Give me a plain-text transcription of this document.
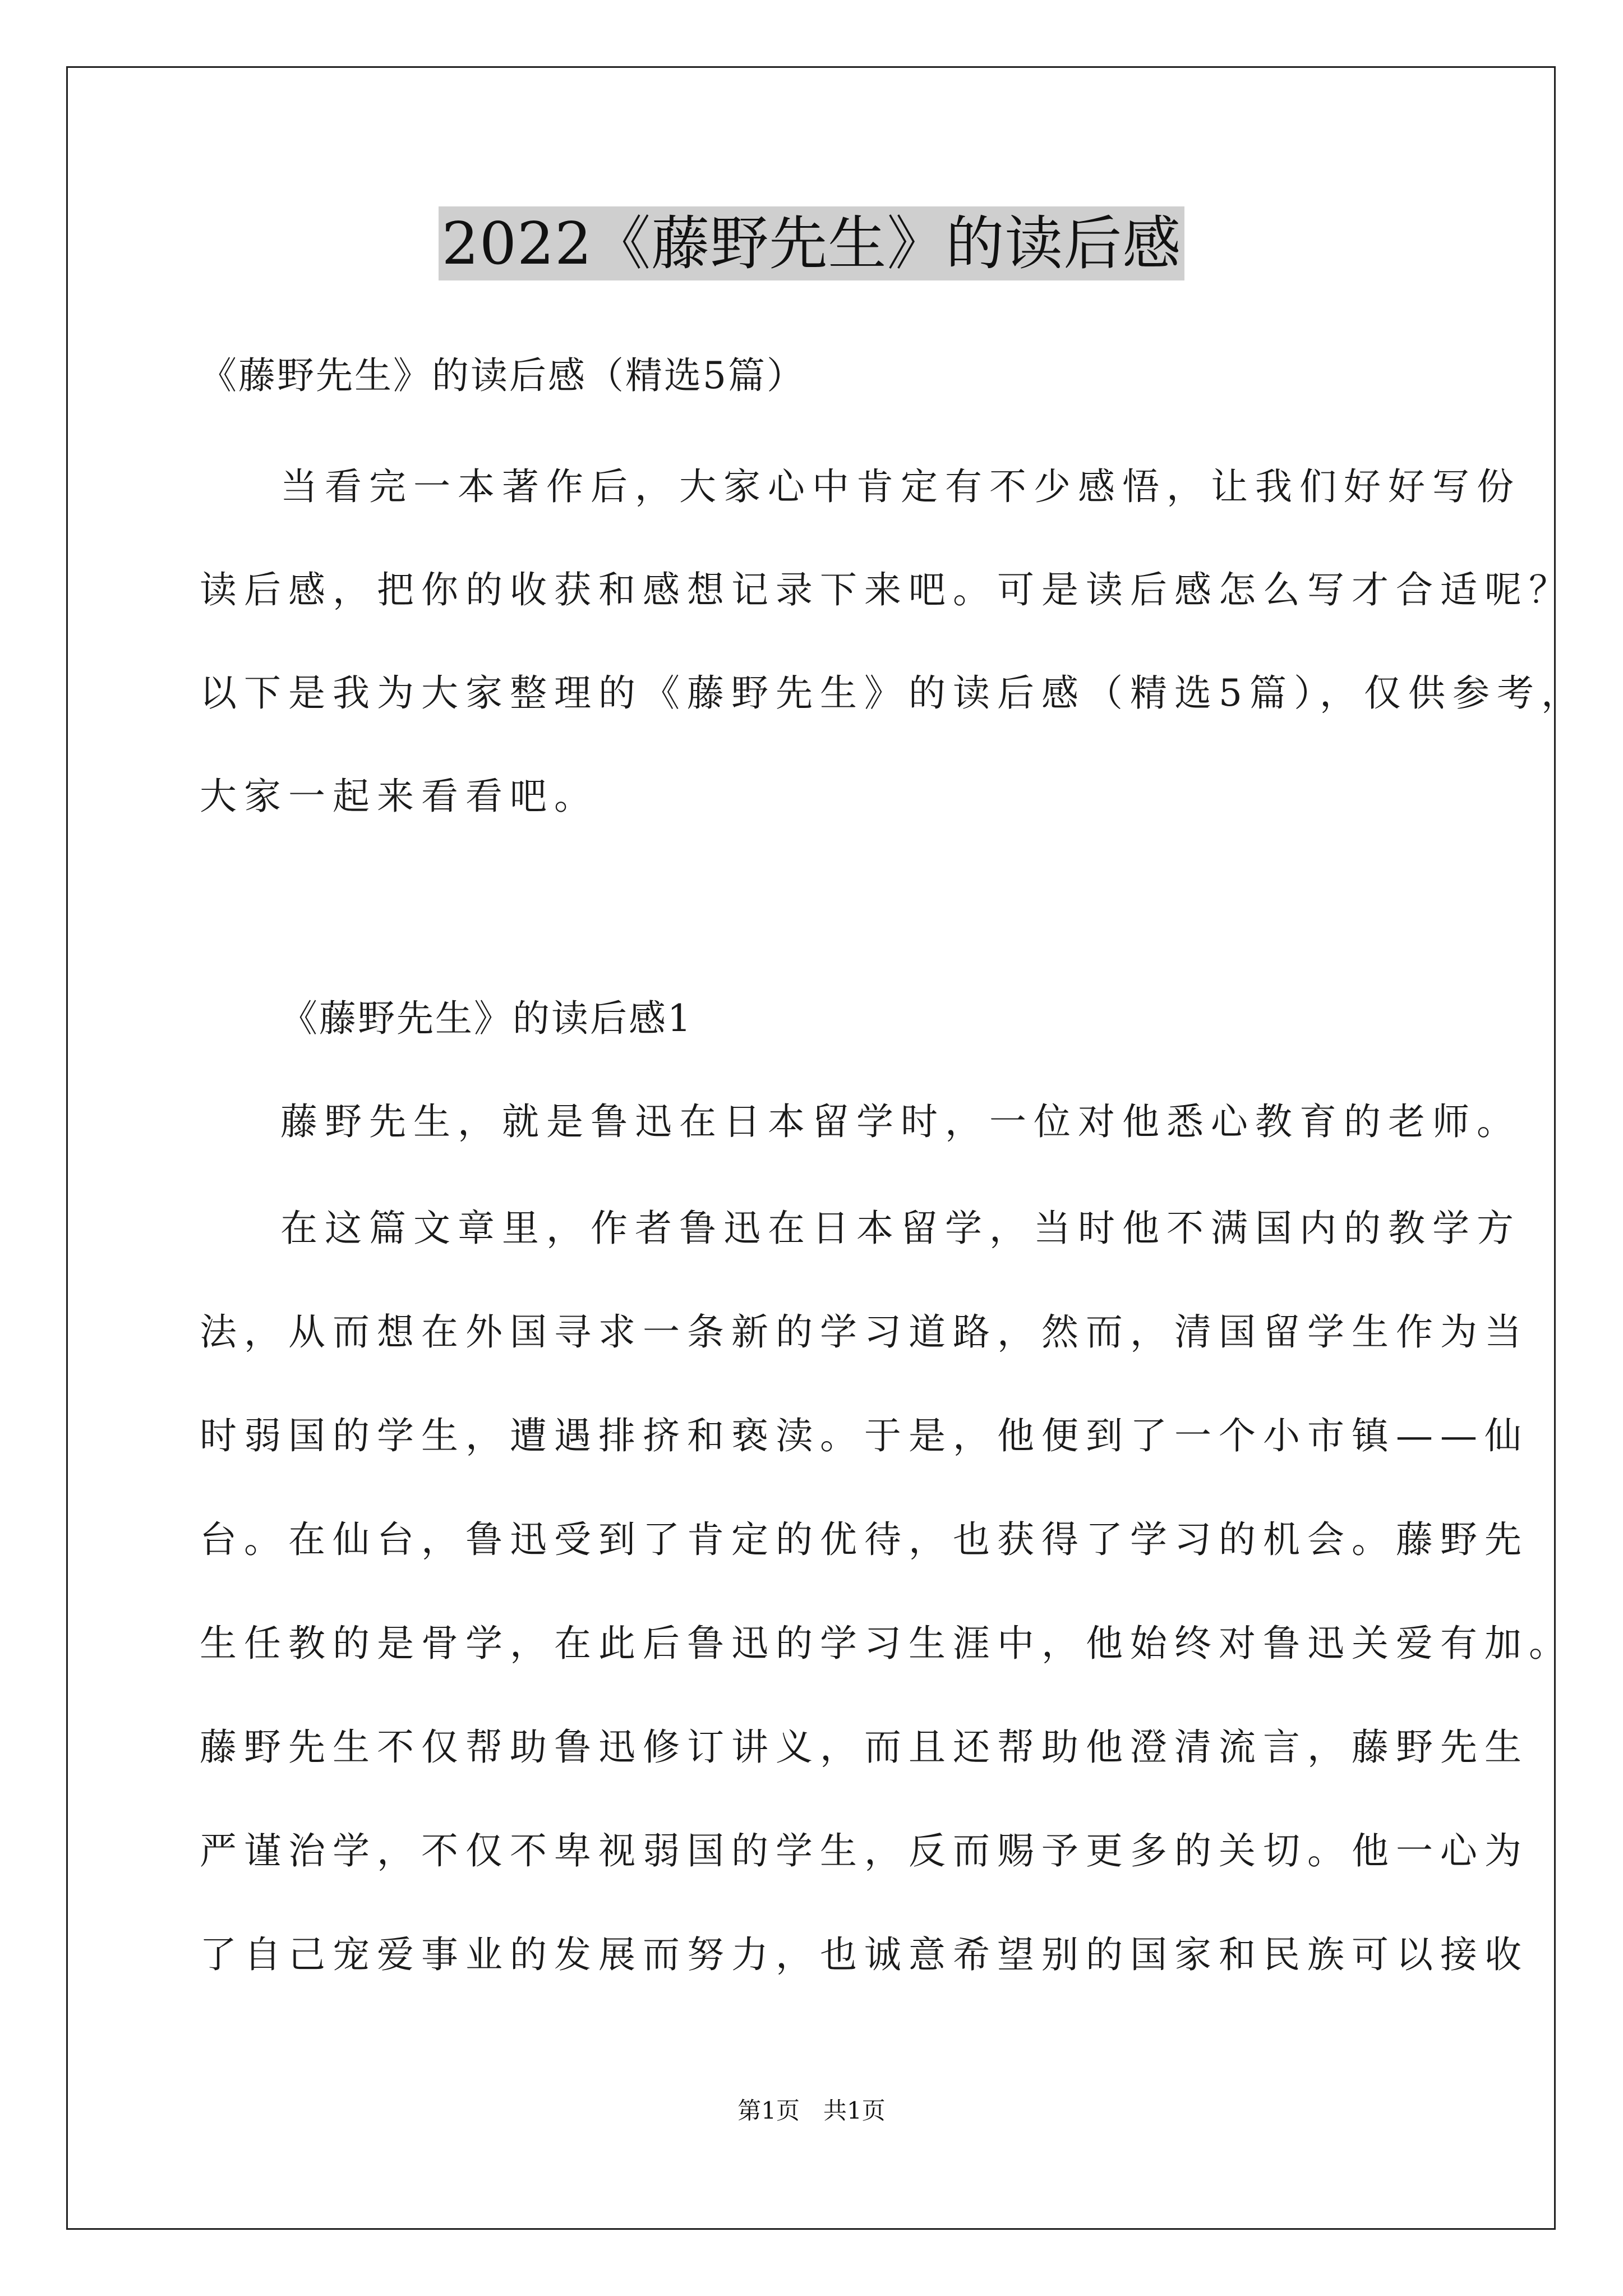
2022《藤野先生》的读后感
《藤野先生》的读后感（精选5篇）
当看完一本著作后，大家心中肯定有不少感悟，让我们好好写份
读后感，把你的收获和感想记录下来吧。可是读后感怎么写才合适呢？
以下是我为大家整理的《藤野先生》的读后感（精选5篇），仅供参考，
大家一起来看看吧。
《藤野先生》的读后感1
藤野先生，就是鲁迅在日本留学时，一位对他悉心教育的老师。
在这篇文章里，作者鲁迅在日本留学，当时他不满国内的教学方
法，从而想在外国寻求一条新的学习道路，然而，清国留学生作为当
时弱国的学生，遭遇排挤和亵渎。于是，他便到了一个小市镇——仙
台。在仙台，鲁迅受到了肯定的优待，也获得了学习的机会。藤野先
生任教的是骨学，在此后鲁迅的学习生涯中，他始终对鲁迅关爱有加。
藤野先生不仅帮助鲁迅修订讲义，而且还帮助他澄清流言，藤野先生
严谨治学，不仅不卑视弱国的学生，反而赐予更多的关切。他一心为
了自己宠爱事业的发展而努力，也诚意希望别的国家和民族可以接收
第1页　共1页
